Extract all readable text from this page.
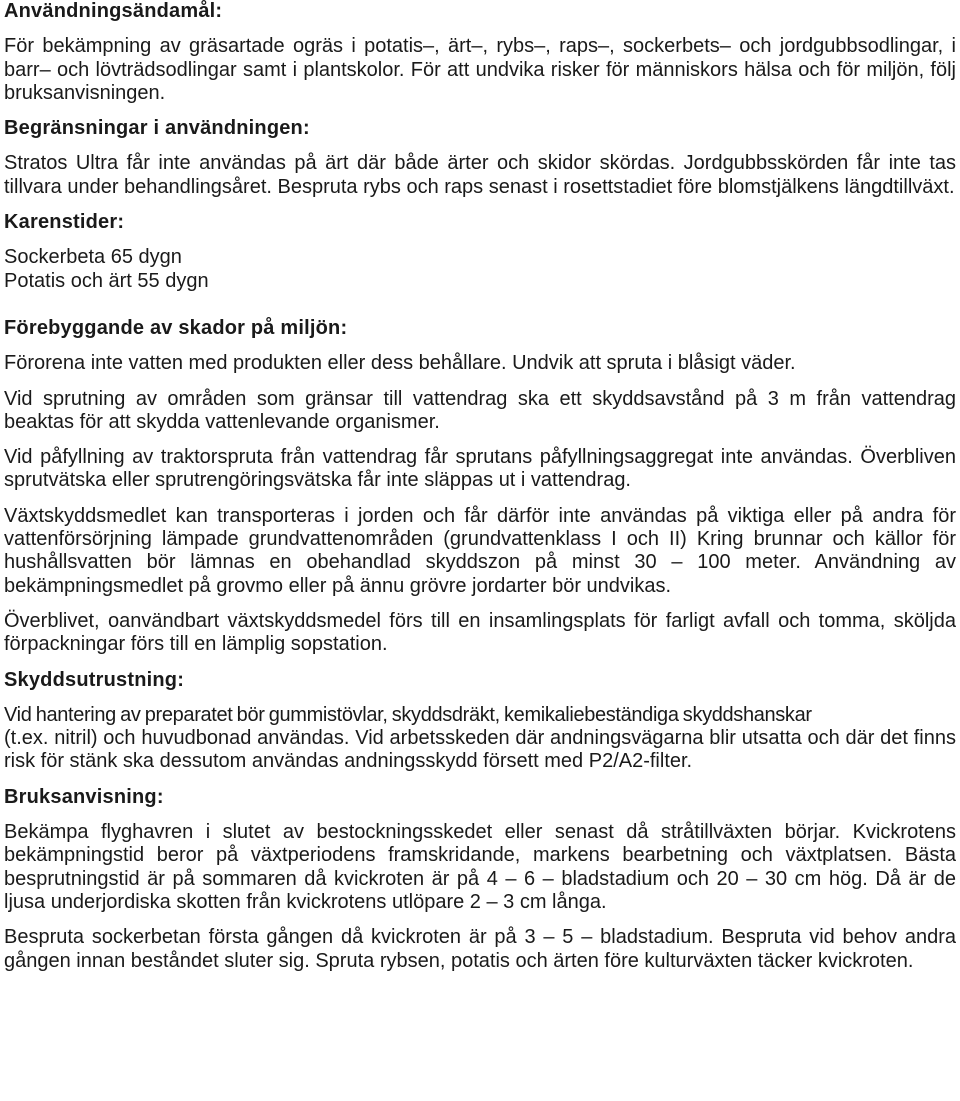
Användningsändamål:

För bekämpning av gräsartade ogräs i potatis–, ärt–, rybs–, raps–, sockerbets– och jordgubbsodlingar, i barr– och lövträdsodlingar samt i plantskolor. För att undvika risker för människors hälsa och för miljön, följ bruksanvisningen.

Begränsningar i användningen:

Stratos Ultra får inte användas på ärt där både ärter och skidor skördas. Jordgubbsskörden får inte tas tillvara under behandlingsåret. Bespruta rybs och raps senast i rosettstadiet före blomstjälkens längdtillväxt.

Karenstider:

Sockerbeta 65 dygn

Potatis och ärt 55 dygn

Förebyggande av skador på miljön:

Förorena inte vatten med produkten eller dess behållare. Undvik att spruta i blåsigt väder.

Vid sprutning av områden som gränsar till vattendrag ska ett skyddsavstånd på 3 m från vattendrag beaktas för att skydda vattenlevande organismer.

Vid påfyllning av traktorspruta från vattendrag får sprutans påfyllningsaggregat inte användas. Överbliven sprutvätska eller sprutrengöringsvätska får inte släppas ut i vattendrag.

Växtskyddsmedlet kan transporteras i jorden och får därför inte användas på viktiga eller på andra för vattenförsörjning lämpade grundvattenområden (grundvattenklass I och II) Kring brunnar och källor för hushållsvatten bör lämnas en obehandlad skyddszon på minst 30 – 100 meter. Användning av bekämpningsmedlet på grovmo eller på ännu grövre jordarter bör undvikas.

Överblivet, oanvändbart växtskyddsmedel förs till en insamlingsplats för farligt avfall och tomma, sköljda förpackningar förs till en lämplig sopstation.

Skyddsutrustning:

Vid hantering av preparatet bör gummistövlar, skyddsdräkt, kemikaliebeständiga skyddshanskar

(t.ex. nitril) och huvudbonad användas. Vid arbetsskeden där andningsvägarna blir utsatta och där det finns risk för stänk ska dessutom användas andningsskydd försett med P2/A2-filter.

Bruksanvisning:

Bekämpa flyghavren i slutet av bestockningsskedet eller senast då stråtillväxten börjar. Kvickrotens bekämpningstid beror på växtperiodens framskridande, markens bearbetning och växtplatsen. Bästa besprutningstid är på sommaren då kvickroten är på 4 – 6 – bladstadium och 20 – 30 cm hög. Då är de ljusa underjordiska skotten från kvickrotens utlöpare 2 – 3 cm långa.

Bespruta sockerbetan första gången då kvickroten är på 3 – 5 – bladstadium. Bespruta vid behov andra gången innan beståndet sluter sig. Spruta rybsen, potatis och ärten före kulturväxten täcker kvickroten.
